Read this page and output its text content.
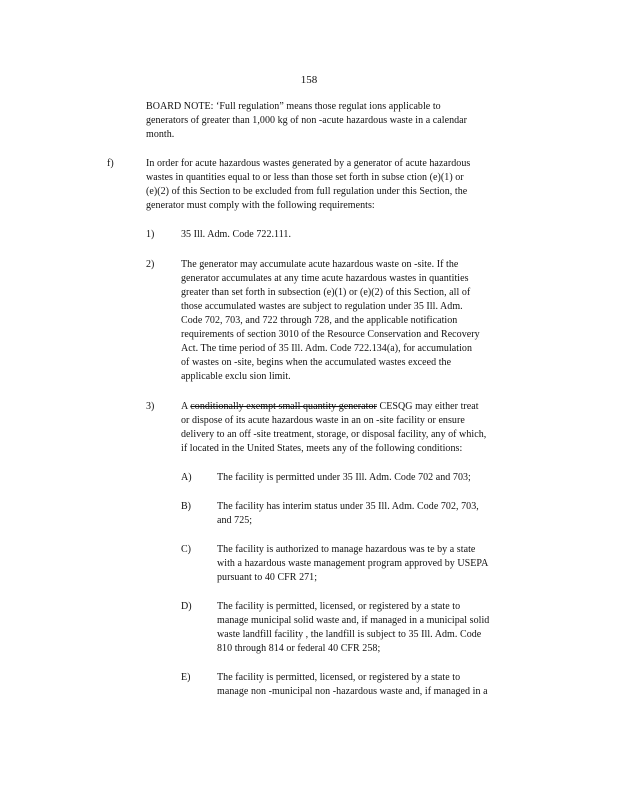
158
BOARD NOTE: ‘Full regulation” means those regulat ions applicable to
generators of greater than 1,000 kg of non -acute hazardous waste in a calendar
month.
f)	In order for acute hazardous wastes generated by a generator of acute hazardous
wastes in quantities equal to or less than those set forth in subse ction (e)(1) or
(e)(2) of this Section to be excluded from full regulation under this Section, the
generator must comply with the following requirements:
1)	35 Ill. Adm. Code 722.111.
2)	The generator may accumulate acute hazardous waste on -site. If the
generator accumulates at any time acute hazardous wastes in quantities
greater than set forth in subsection (e)(1) or (e)(2) of this Section, all of
those accumulated wastes are subject to regulation under 35 Ill. Adm.
Code 702, 703, and 722 through 728, and the applicable notification
requirements of section 3010 of the Resource Conservation and Recovery
Act. The time period of 35 Ill. Adm. Code 722.134(a), for accumulation
of wastes on -site, begins when the accumulated wastes exceed the
applicable exclu sion limit.
3)	A conditionally exempt small quantity generator CESQG may either treat
or dispose of its acute hazardous waste in an on -site facility or ensure
delivery to an off -site treatment, storage, or disposal facility, any of which,
if located in the United States, meets any of the following conditions:
A)	The facility is permitted under 35 Ill. Adm. Code 702 and 703;
B)	The facility has interim status under 35 Ill. Adm. Code 702, 703,
and 725;
C)	The facility is authorized to manage hazardous was te by a state
with a hazardous waste management program approved by USEPA
pursuant to 40 CFR 271;
D)	The facility is permitted, licensed, or registered by a state to
manage municipal solid waste and, if managed in a municipal solid
waste landfill facility , the landfill is subject to 35 Ill. Adm. Code
810 through 814 or federal 40 CFR 258;
E)	The facility is permitted, licensed, or registered by a state to
manage non -municipal non -hazardous waste and, if managed in a
